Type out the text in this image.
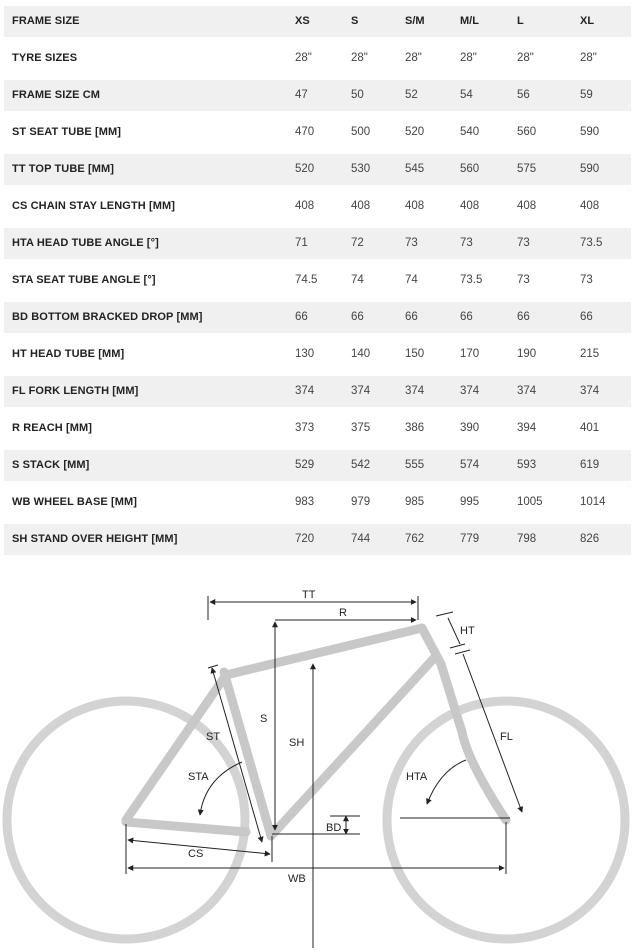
FRAME SIZE	XS	S	S/M	M/L	L	XL
TYRE SIZES	28"	28"	28"	28"	28"	28"
FRAME SIZE CM	47	50	52	54	56	59
ST SEAT TUBE [MM]	470	500	520	540	560	590
TT TOP TUBE [MM]	520	530	545	560	575	590
CS CHAIN STAY LENGTH [MM]	408	408	408	408	408	408
HTA HEAD TUBE ANGLE [°]	71	72	73	73	73	73.5
STA SEAT TUBE ANGLE [°]	74.5	74	74	73.5	73	73
BD BOTTOM BRACKED DROP [MM]	66	66	66	66	66	66
HT HEAD TUBE [MM]	130	140	150	170	190	215
FL FORK LENGTH [MM]	374	374	374	374	374	374
R REACH [MM]	373	375	386	390	394	401
S STACK [MM]	529	542	555	574	593	619
WB WHEEL BASE [MM]	983	979	985	995	1005	1014
SH STAND OVER HEIGHT [MM]	720	744	762	779	798	826
TT
R
HT
S
SH
ST	FL
STA	HTA
BD
CS
WB
